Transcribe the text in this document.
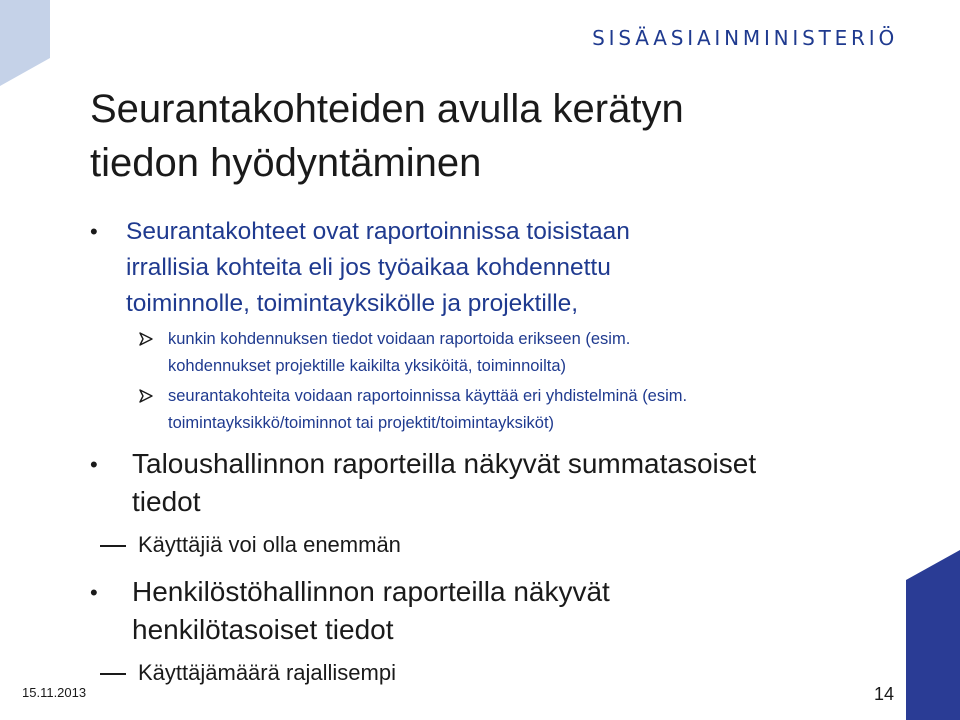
SISÄASIAINMINISTERIÖ
Seurantakohteiden avulla kerätyn
tiedon hyödyntäminen
• Seurantakohteet ovat raportoinnissa toisistaan
irrallisia kohteita eli jos työaikaa kohdennettu
toiminnolle, toimintayksikölle ja projektille,
kunkin kohdennuksen tiedot voidaan raportoida erikseen (esim.
kohdennukset projektille kaikilta yksiköitä, toiminnoilta)
seurantakohteita voidaan raportoinnissa käyttää eri yhdistelminä (esim.
toimintayksikkö/toiminnot tai projektit/toimintayksiköt)
• Taloushallinnon raporteilla näkyvät summatasoiset
tiedot
Käyttäjiä voi olla enemmän
• Henkilöstöhallinnon raporteilla näkyvät
henkilötasoiset tiedot
Käyttäjämäärä rajallisempi
15.11.2013	14
